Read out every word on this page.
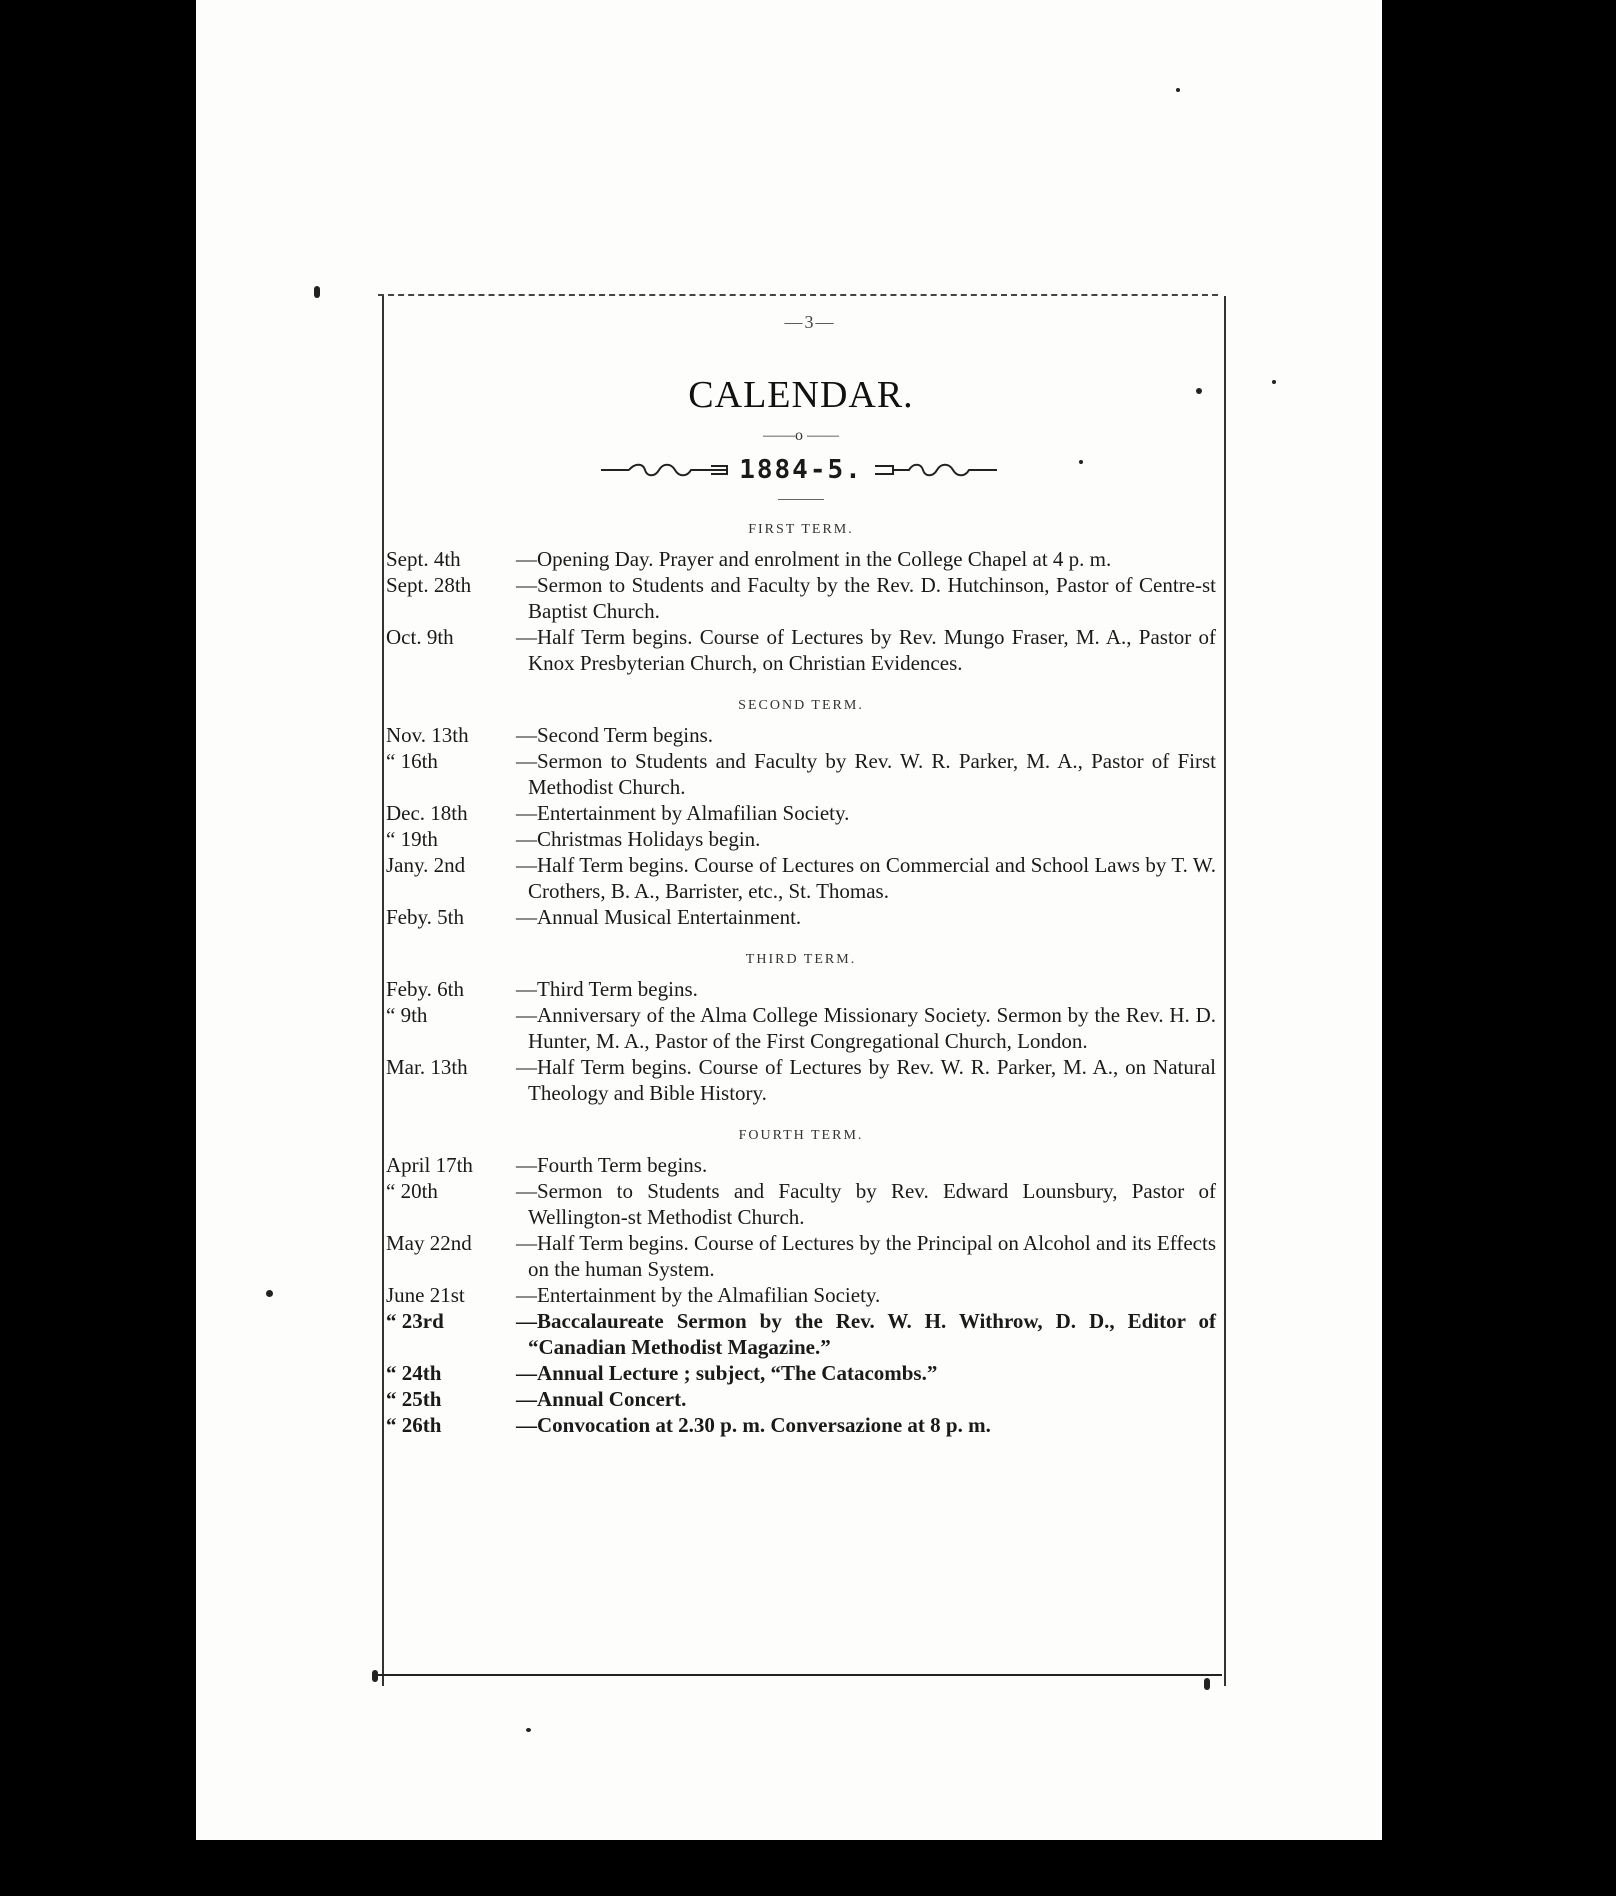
—3—
CALENDAR.
——o ——
1884-5.
FIRST TERM.
Sept. 4th	—Opening Day. Prayer and enrolment in the College Chapel at 4 p. m.
Sept. 28th	—Sermon to Students and Faculty by the Rev. D. Hutchinson, Pastor of Centre-st Baptist Church.
Oct. 9th	—Half Term begins. Course of Lectures by Rev. Mungo Fraser, M. A., Pastor of Knox Presbyterian Church, on Christian Evidences.
SECOND TERM.
Nov. 13th	—Second Term begins.
“ 16th	—Sermon to Students and Faculty by Rev. W. R. Parker, M. A., Pastor of First Methodist Church.
Dec. 18th	—Entertainment by Almafilian Society.
“ 19th	—Christmas Holidays begin.
Jany. 2nd	—Half Term begins. Course of Lectures on Commercial and School Laws by T. W. Crothers, B. A., Barrister, etc., St. Thomas.
Feby. 5th	—Annual Musical Entertainment.
THIRD TERM.
Feby. 6th	—Third Term begins.
“ 9th	—Anniversary of the Alma College Missionary Society. Sermon by the Rev. H. D. Hunter, M. A., Pastor of the First Congregational Church, London.
Mar. 13th	—Half Term begins. Course of Lectures by Rev. W. R. Parker, M. A., on Natural Theology and Bible History.
FOURTH TERM.
April 17th	—Fourth Term begins.
“ 20th	—Sermon to Students and Faculty by Rev. Edward Lounsbury, Pastor of Wellington-st Methodist Church.
May 22nd	—Half Term begins. Course of Lectures by the Principal on Alcohol and its Effects on the human System.
June 21st	—Entertainment by the Almafilian Society.
“ 23rd	—Baccalaureate Sermon by the Rev. W. H. Withrow, D. D., Editor of “Canadian Methodist Magazine.”
“ 24th	—Annual Lecture ; subject, “The Catacombs.”
“ 25th	—Annual Concert.
“ 26th	—Convocation at 2.30 p. m. Conversazione at 8 p. m.
